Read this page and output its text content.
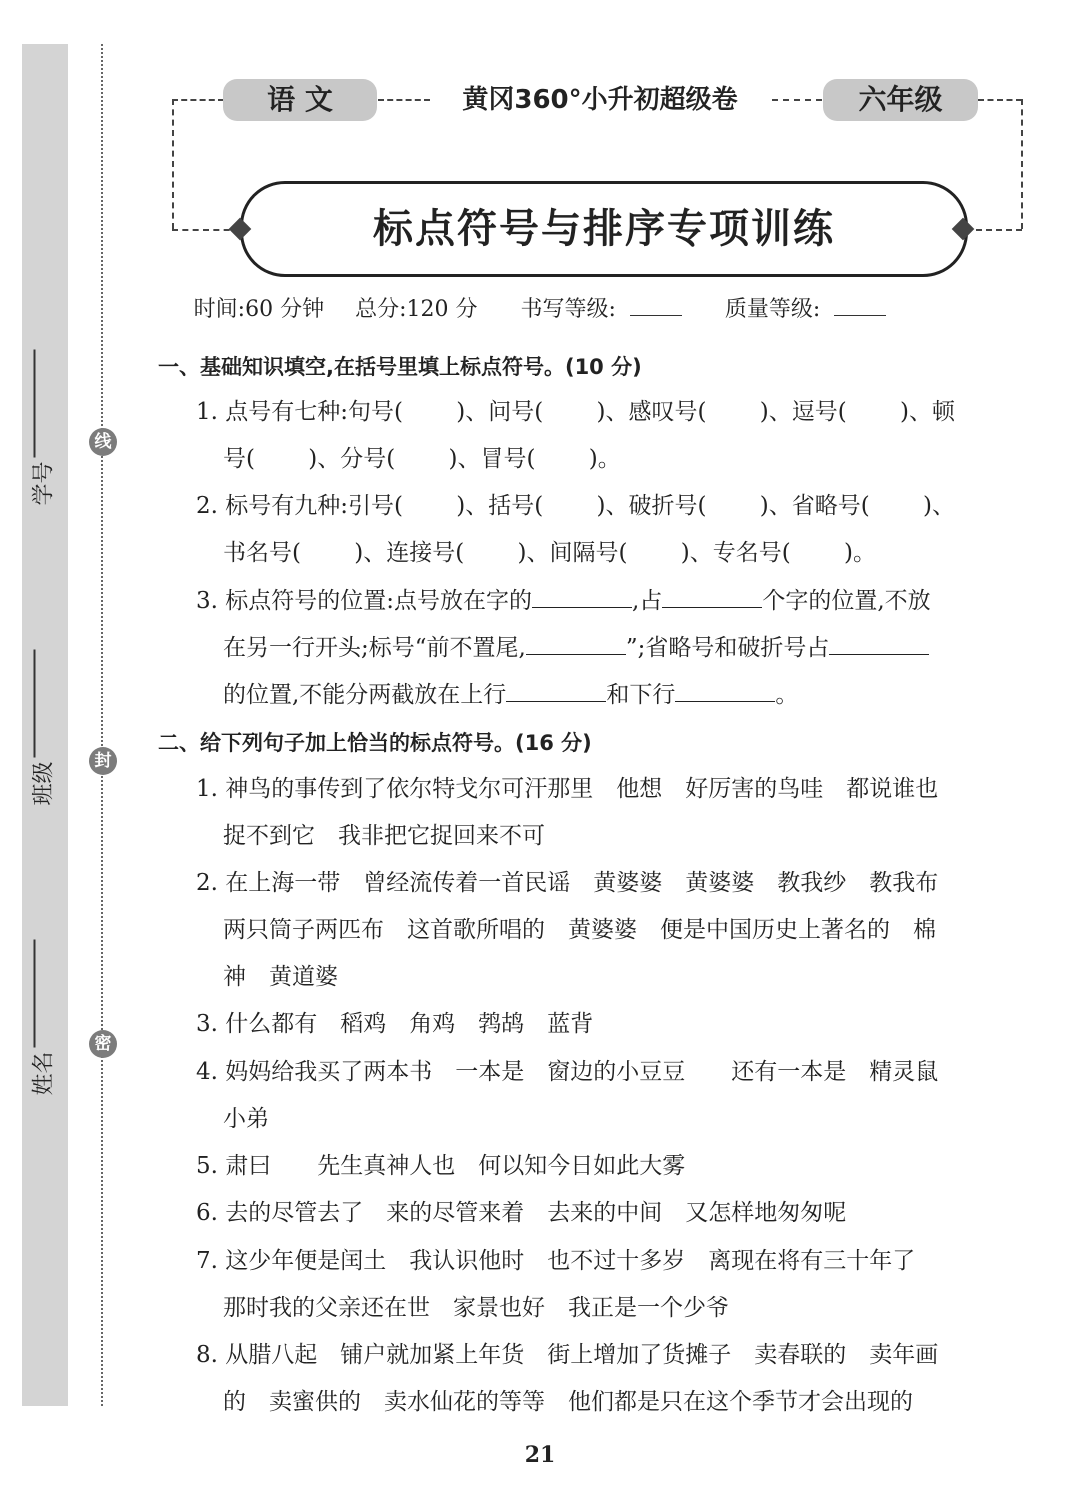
线
封
密
学号
班级
姓名
语 文	黄冈360°小升初超级卷	六年级
标点符号与排序专项训练
时间:60 分钟 总分:120 分 书写等级:	质量等级:
一、基础知识填空,在括号里填上标点符号。(10 分)
1. 点号有七种:句号(　　 )、问号(　　 )、感叹号(　　 )、逗号(　　 )、顿
号(　　 )、分号(　　 )、冒号(　　 )。
2. 标号有九种:引号(　　 )、括号(　　 )、破折号(　　 )、省略号(　　 )、
书名号(　　 )、连接号(　　 )、间隔号(　　 )、专名号(　　 )。
3. 标点符号的位置:点号放在字的	,占	个字的位置,不放
在另一行开头;标号“前不置尾,	”;省略号和破折号占
的位置,不能分两截放在上行	和下行	。
二、给下列句子加上恰当的标点符号。(16 分)
1. 神鸟的事传到了依尔特戈尔可汗那里　他想　好厉害的鸟哇　都说谁也
捉不到它　我非把它捉回来不可
2. 在上海一带　曾经流传着一首民谣　黄婆婆　黄婆婆　教我纱　教我布
两只筒子两匹布　这首歌所唱的　黄婆婆　便是中国历史上著名的　棉
神　黄道婆
3. 什么都有　稻鸡　角鸡　鹁鸪　蓝背
4. 妈妈给我买了两本书　一本是　窗边的小豆豆　　还有一本是　精灵鼠
小弟
5. 肃曰　　先生真神人也　何以知今日如此大雾
6. 去的尽管去了　来的尽管来着　去来的中间　又怎样地匆匆呢
7. 这少年便是闰土　我认识他时　也不过十多岁　离现在将有三十年了
那时我的父亲还在世　家景也好　我正是一个少爷
8. 从腊八起　铺户就加紧上年货　街上增加了货摊子　卖春联的　卖年画
的　卖蜜供的　卖水仙花的等等　他们都是只在这个季节才会出现的
21
